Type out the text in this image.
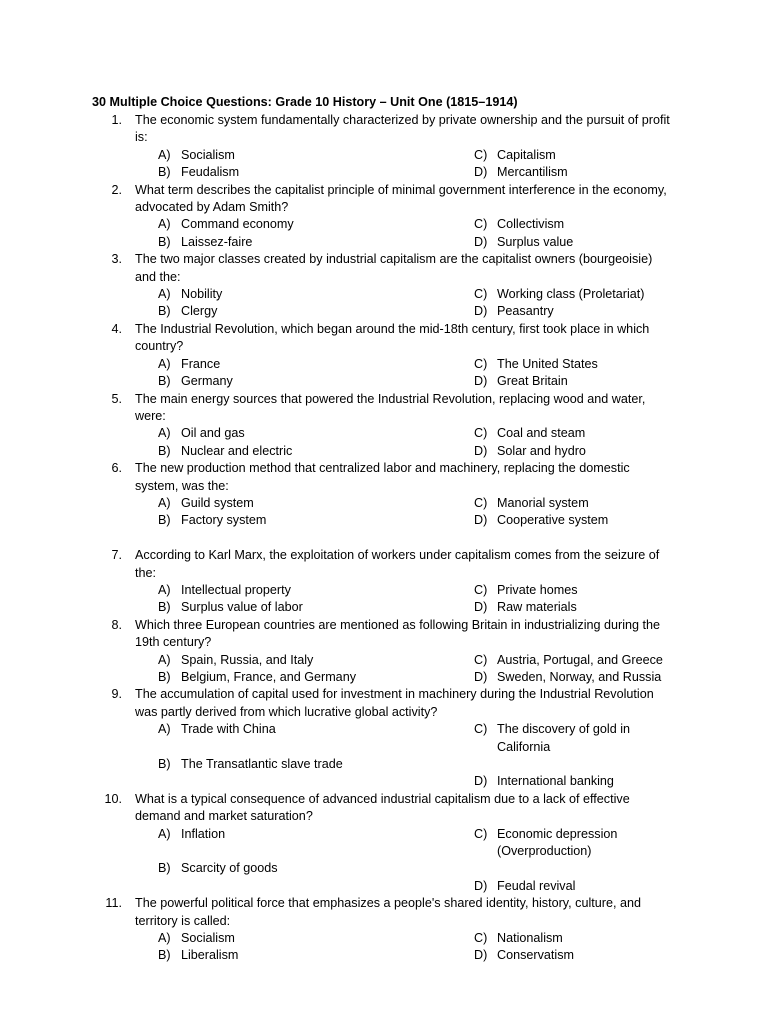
30 Multiple Choice Questions: Grade 10 History – Unit One (1815–1914)
1. The economic system fundamentally characterized by private ownership and the pursuit of profit is:
A) Socialism	C) Capitalism
B) Feudalism	D) Mercantilism
2. What term describes the capitalist principle of minimal government interference in the economy, advocated by Adam Smith?
A) Command economy	C) Collectivism
B) Laissez-faire	D) Surplus value
3. The two major classes created by industrial capitalism are the capitalist owners (bourgeoisie) and the:
A) Nobility	C) Working class (Proletariat)
B) Clergy	D) Peasantry
4. The Industrial Revolution, which began around the mid-18th century, first took place in which country?
A) France	C) The United States
B) Germany	D) Great Britain
5. The main energy sources that powered the Industrial Revolution, replacing wood and water, were:
A) Oil and gas	C) Coal and steam
B) Nuclear and electric	D) Solar and hydro
6. The new production method that centralized labor and machinery, replacing the domestic system, was the:
A) Guild system	C) Manorial system
B) Factory system	D) Cooperative system
7. According to Karl Marx, the exploitation of workers under capitalism comes from the seizure of the:
A) Intellectual property	C) Private homes
B) Surplus value of labor	D) Raw materials
8. Which three European countries are mentioned as following Britain in industrializing during the 19th century?
A) Spain, Russia, and Italy	C) Austria, Portugal, and Greece
B) Belgium, France, and Germany	D) Sweden, Norway, and Russia
9. The accumulation of capital used for investment in machinery during the Industrial Revolution was partly derived from which lucrative global activity?
A) Trade with China	C) The discovery of gold in California
B) The Transatlantic slave trade
D) International banking
10. What is a typical consequence of advanced industrial capitalism due to a lack of effective demand and market saturation?
A) Inflation	C) Economic depression (Overproduction)
B) Scarcity of goods
D) Feudal revival
11. The powerful political force that emphasizes a people's shared identity, history, culture, and territory is called:
A) Socialism	C) Nationalism
B) Liberalism	D) Conservatism
